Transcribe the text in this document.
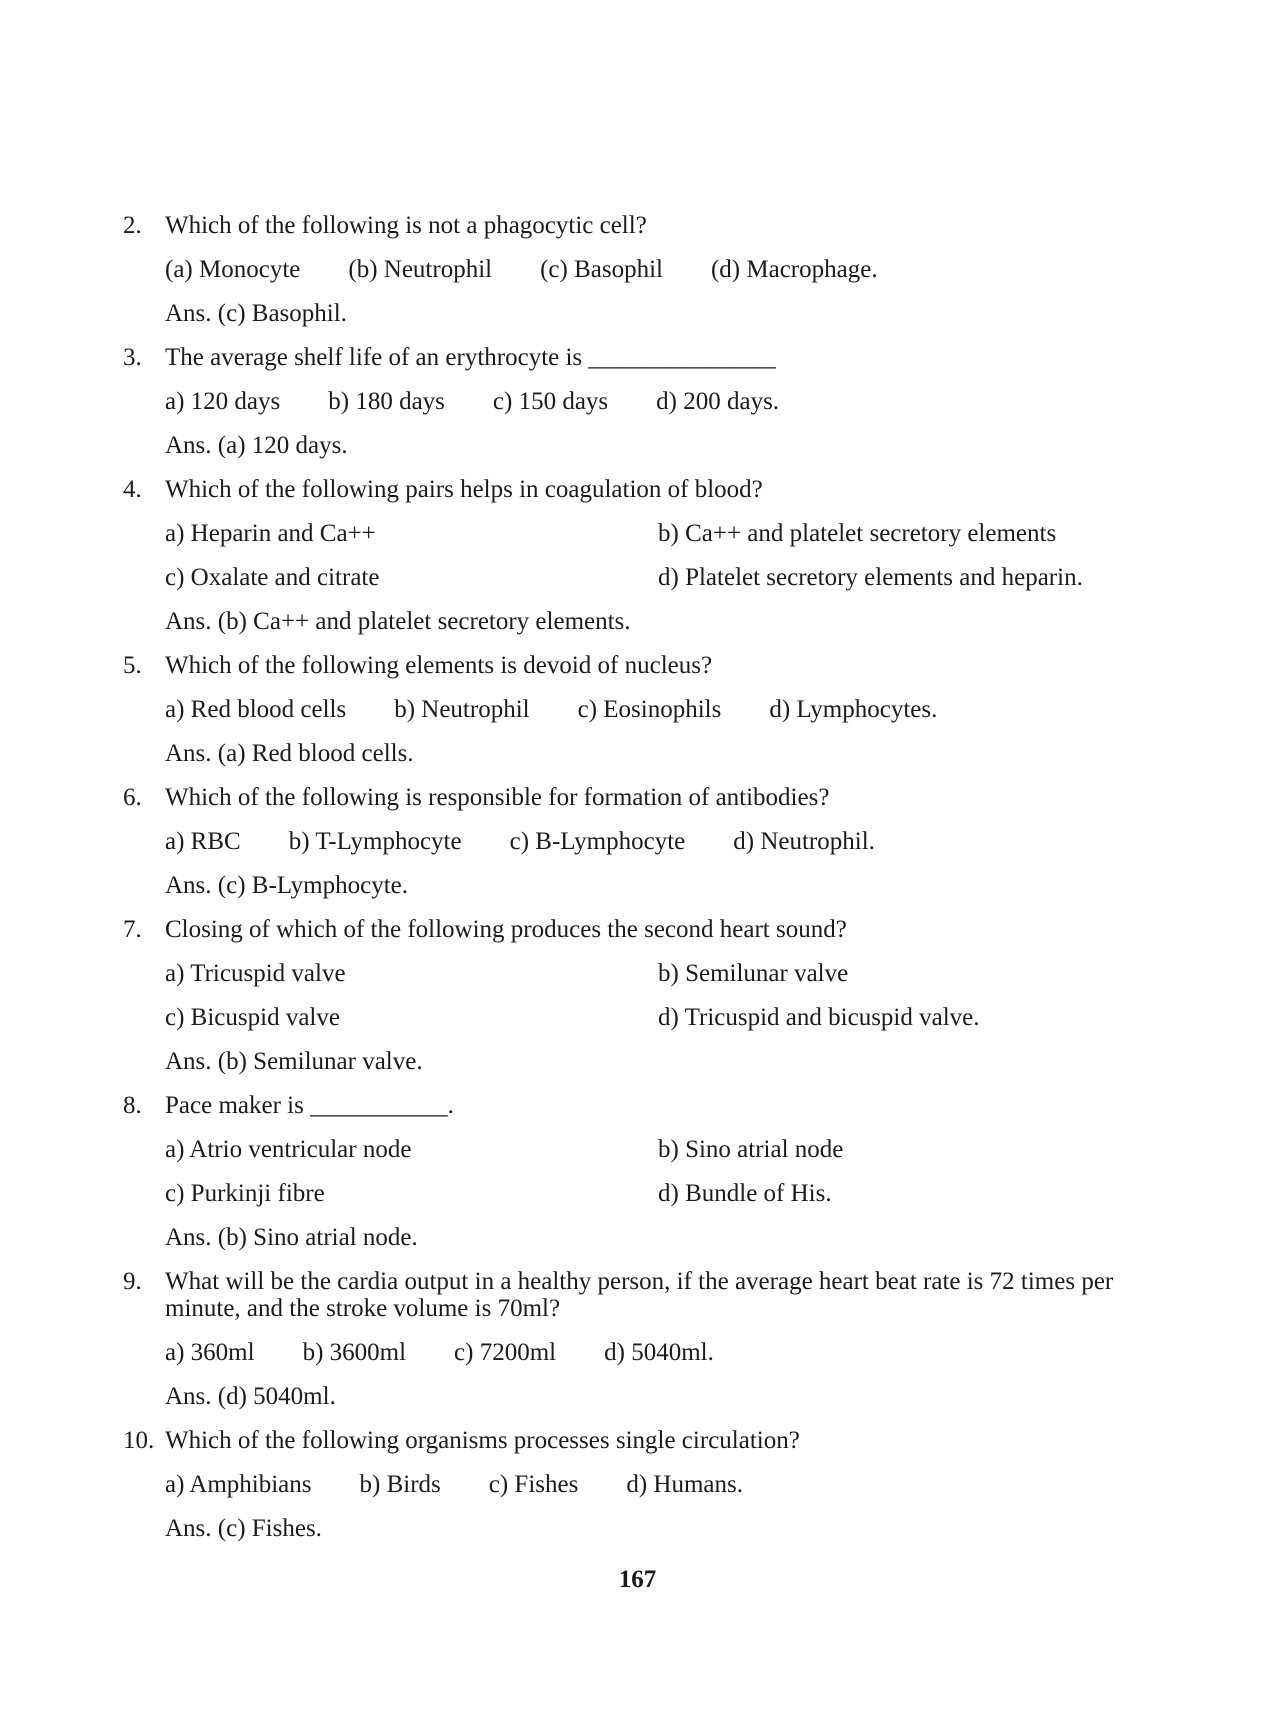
2. Which of the following is not a phagocytic cell?
(a) Monocyte (b) Neutrophil (c) Basophil (d) Macrophage.
Ans. (c) Basophil.
3. The average shelf life of an erythrocyte is _______________
a) 120 days b) 180 days c) 150 days d) 200 days.
Ans. (a) 120 days.
4. Which of the following pairs helps in coagulation of blood?
a) Heparin and Ca++	b) Ca++ and platelet secretory elements
c) Oxalate and citrate	d) Platelet secretory elements and heparin.
Ans. (b) Ca++ and platelet secretory elements.
5. Which of the following elements is devoid of nucleus?
a) Red blood cells b) Neutrophil c) Eosinophils d) Lymphocytes.
Ans. (a) Red blood cells.
6. Which of the following is responsible for formation of antibodies?
a) RBC b) T-Lymphocyte c) B-Lymphocyte d) Neutrophil.
Ans. (c) B-Lymphocyte.
7. Closing of which of the following produces the second heart sound?
a) Tricuspid valve	b) Semilunar valve
c) Bicuspid valve	d) Tricuspid and bicuspid valve.
Ans. (b) Semilunar valve.
8. Pace maker is ___________.
a) Atrio ventricular node	b) Sino atrial node
c) Purkinji fibre	d) Bundle of His.
Ans. (b) Sino atrial node.
9. What will be the cardia output in a healthy person, if the average heart beat rate is 72 times per
minute, and the stroke volume is 70ml?
a) 360ml b) 3600ml c) 7200ml d) 5040ml.
Ans. (d) 5040ml.
10. Which of the following organisms processes single circulation?
a) Amphibians b) Birds c) Fishes d) Humans.
Ans. (c) Fishes.
167
